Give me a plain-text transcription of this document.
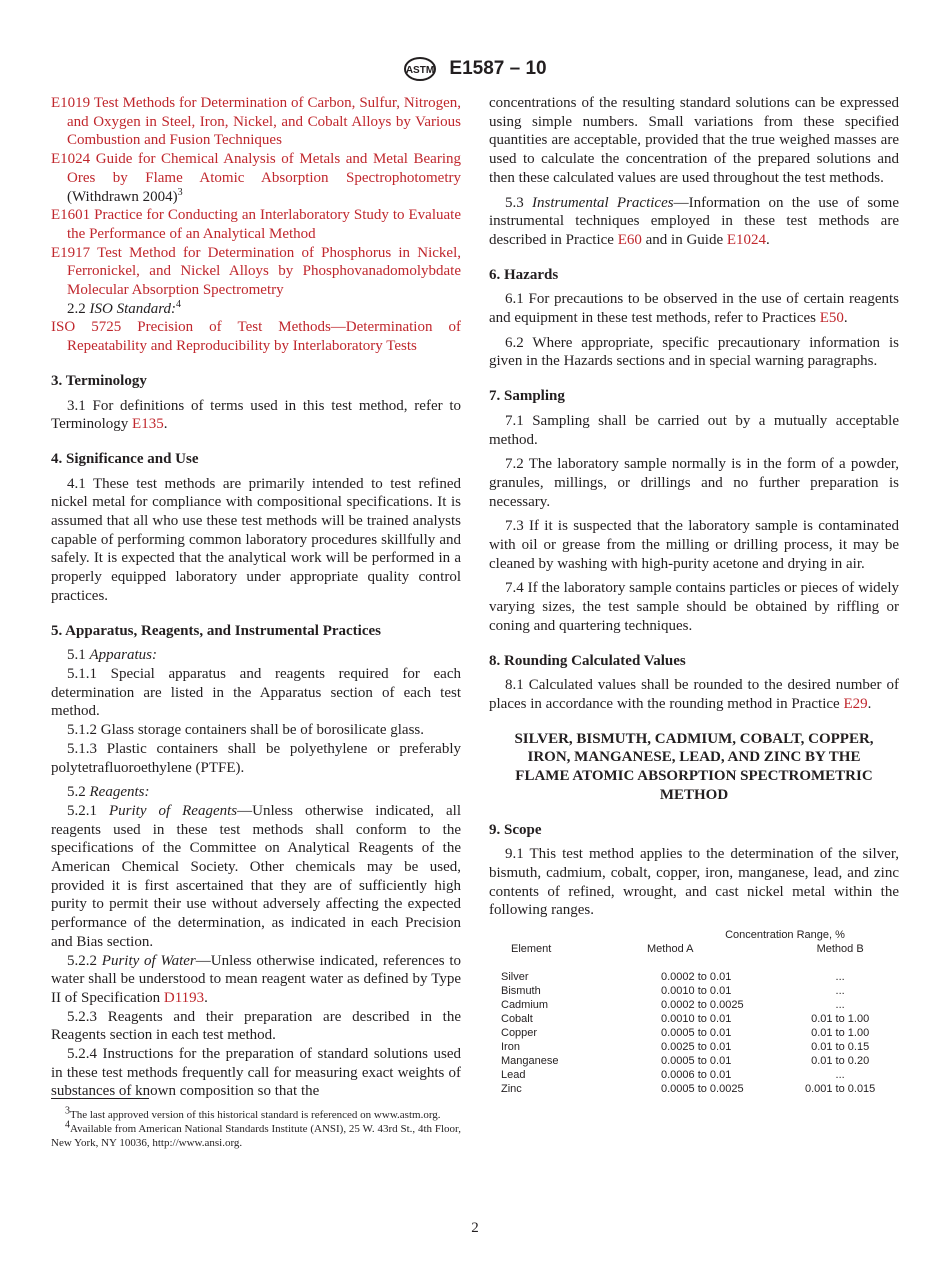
ASTM E1587 – 10
E1019 Test Methods for Determination of Carbon, Sulfur, Nitrogen, and Oxygen in Steel, Iron, Nickel, and Cobalt Alloys by Various Combustion and Fusion Techniques
E1024 Guide for Chemical Analysis of Metals and Metal Bearing Ores by Flame Atomic Absorption Spectrophotometry (Withdrawn 2004)$^3$
E1601 Practice for Conducting an Interlaboratory Study to Evaluate the Performance of an Analytical Method
E1917 Test Method for Determination of Phosphorus in Nickel, Ferronickel, and Nickel Alloys by Phosphovanadomolybdate Molecular Absorption Spectrometry
2.2 ISO Standard:$^4$
ISO 5725 Precision of Test Methods—Determination of Repeatability and Reproducibility by Interlaboratory Tests
3. Terminology
3.1 For definitions of terms used in this test method, refer to Terminology E135.
4. Significance and Use
4.1 These test methods are primarily intended to test refined nickel metal for compliance with compositional specifications. It is assumed that all who use these test methods will be trained analysts capable of performing common laboratory procedures skillfully and safely. It is expected that the analytical work will be performed in a properly equipped laboratory under appropriate quality control practices.
5. Apparatus, Reagents, and Instrumental Practices
5.1 Apparatus:
5.1.1 Special apparatus and reagents required for each determination are listed in the Apparatus section of each test method.
5.1.2 Glass storage containers shall be of borosilicate glass.
5.1.3 Plastic containers shall be polyethylene or preferably polytetrafluoroethylene (PTFE).
5.2 Reagents:
5.2.1 Purity of Reagents—Unless otherwise indicated, all reagents used in these test methods shall conform to the specifications of the Committee on Analytical Reagents of the American Chemical Society. Other chemicals may be used, provided it is first ascertained that they are of sufficiently high purity to permit their use without adversely affecting the expected performance of the determination, as indicated in each Precision and Bias section.
5.2.2 Purity of Water—Unless otherwise indicated, references to water shall be understood to mean reagent water as defined by Type II of Specification D1193.
5.2.3 Reagents and their preparation are described in the Reagents section in each test method.
5.2.4 Instructions for the preparation of standard solutions used in these test methods frequently call for measuring exact weights of substances of known composition so that the
concentrations of the resulting standard solutions can be expressed using simple numbers. Small variations from these specified quantities are acceptable, provided that the true weighed masses are used to calculate the concentration of the prepared solutions and then these calculated values are used throughout the test methods.
5.3 Instrumental Practices—Information on the use of some instrumental techniques employed in these test methods are described in Practice E60 and in Guide E1024.
6. Hazards
6.1 For precautions to be observed in the use of certain reagents and equipment in these test methods, refer to Practices E50.
6.2 Where appropriate, specific precautionary information is given in the Hazards sections and in special warning paragraphs.
7. Sampling
7.1 Sampling shall be carried out by a mutually acceptable method.
7.2 The laboratory sample normally is in the form of a powder, granules, millings, or drillings and no further preparation is necessary.
7.3 If it is suspected that the laboratory sample is contaminated with oil or grease from the milling or drilling process, it may be cleaned by washing with high-purity acetone and drying in air.
7.4 If the laboratory sample contains particles or pieces of widely varying sizes, the test sample should be obtained by riffling or coning and quartering techniques.
8. Rounding Calculated Values
8.1 Calculated values shall be rounded to the desired number of places in accordance with the rounding method in Practice E29.
SILVER, BISMUTH, CADMIUM, COBALT, COPPER, IRON, MANGANESE, LEAD, AND ZINC BY THE FLAME ATOMIC ABSORPTION SPECTROMETRIC METHOD
9. Scope
9.1 This test method applies to the determination of the silver, bismuth, cadmium, cobalt, copper, iron, manganese, lead, and zinc contents of refined, wrought, and cast nickel metal within the following ranges.
	Concentration Range, %	
Element	Method A	Method B

Silver	0.0002 to 0.01	...
Bismuth	0.0010 to 0.01	...
Cadmium	0.0002 to 0.0025	...
Cobalt	0.0010 to 0.01	0.01 to 1.00
Copper	0.0005 to 0.01	0.01 to 1.00
Iron	0.0025 to 0.01	0.01 to 0.15
Manganese	0.0005 to 0.01	0.01 to 0.20
Lead	0.0006 to 0.01	...
Zinc	0.0005 to 0.0025	0.001 to 0.015

$^3$The last approved version of this historical standard is referenced on www.astm.org.

$^4$Available from American National Standards Institute (ANSI), 25 W. 43rd St., 4th Floor, New York, NY 10036, http://www.ansi.org.

2
